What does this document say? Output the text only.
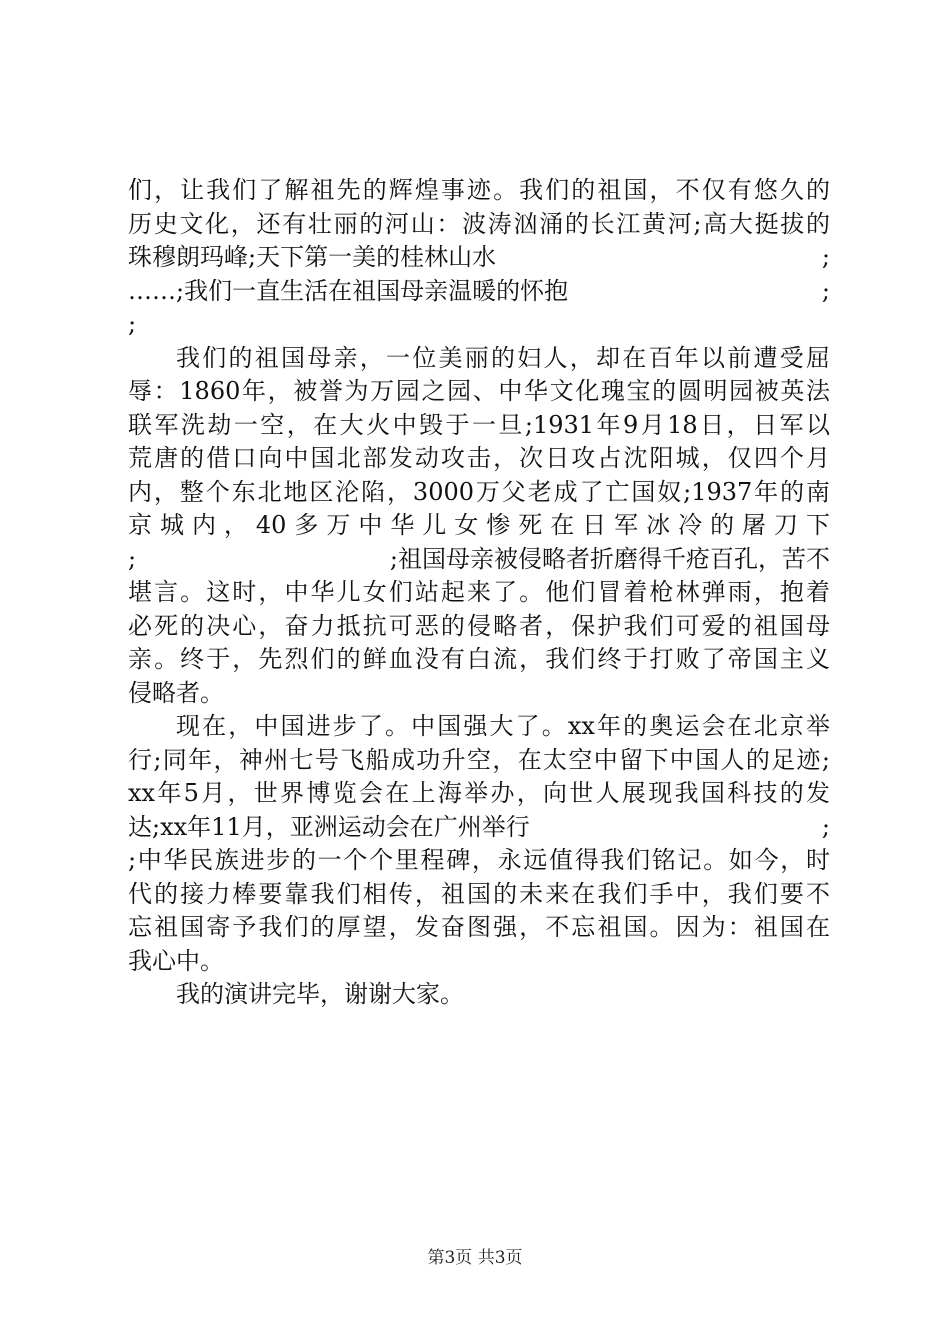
们，让我们了解祖先的辉煌事迹。我们的祖国，不仅有悠久的
历史文化，还有壮丽的河山：波涛汹涌的长江黄河;高大挺拔的
珠穆朗玛峰;天下第一美的桂林山水	;
……;我们一直生活在祖国母亲温暖的怀抱	;
;
我们的祖国母亲，一位美丽的妇人，却在百年以前遭受屈
辱：1860年，被誉为万园之园、中华文化瑰宝的圆明园被英法
联军洗劫一空，在大火中毁于一旦;1931年9月18日，日军以
荒唐的借口向中国北部发动攻击，次日攻占沈阳城，仅四个月
内，整个东北地区沦陷，3000万父老成了亡国奴;1937年的南
京城内，40多万中华儿女惨死在日军冰冷的屠刀下
;	;祖国母亲被侵略者折磨得千疮百孔，苦不
堪言。这时，中华儿女们站起来了。他们冒着枪林弹雨，抱着
必死的决心，奋力抵抗可恶的侵略者，保护我们可爱的祖国母
亲。终于，先烈们的鲜血没有白流，我们终于打败了帝国主义
侵略者。
现在，中国进步了。中国强大了。xx年的奥运会在北京举
行;同年，神州七号飞船成功升空，在太空中留下中国人的足迹;
xx年5月，世界博览会在上海举办，向世人展现我国科技的发
达;xx年11月，亚洲运动会在广州举行	;
;中华民族进步的一个个里程碑，永远值得我们铭记。如今，时
代的接力棒要靠我们相传，祖国的未来在我们手中，我们要不
忘祖国寄予我们的厚望，发奋图强，不忘祖国。因为：祖国在
我心中。
我的演讲完毕，谢谢大家。
第3页 共3页
